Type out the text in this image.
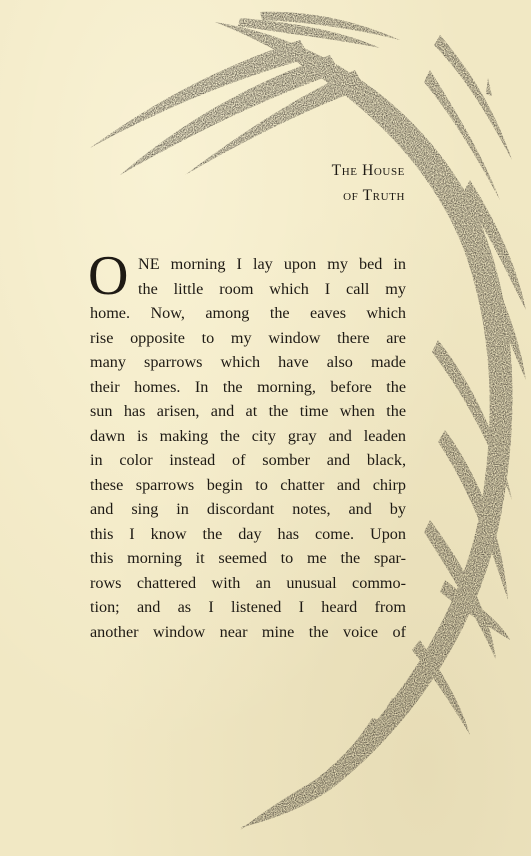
The House
of Truth
O NE morning I lay upon my bed in
the little room which I call my
home. Now, among the eaves which
rise opposite to my window there are
many sparrows which have also made
their homes. In the morning, before the
sun has arisen, and at the time when the
dawn is making the city gray and leaden
in color instead of somber and black,
these sparrows begin to chatter and chirp
and sing in discordant notes, and by
this I know the day has come. Upon
this morning it seemed to me the spar-
rows chattered with an unusual commo-
tion; and as I listened I heard from
another window near mine the voice of
